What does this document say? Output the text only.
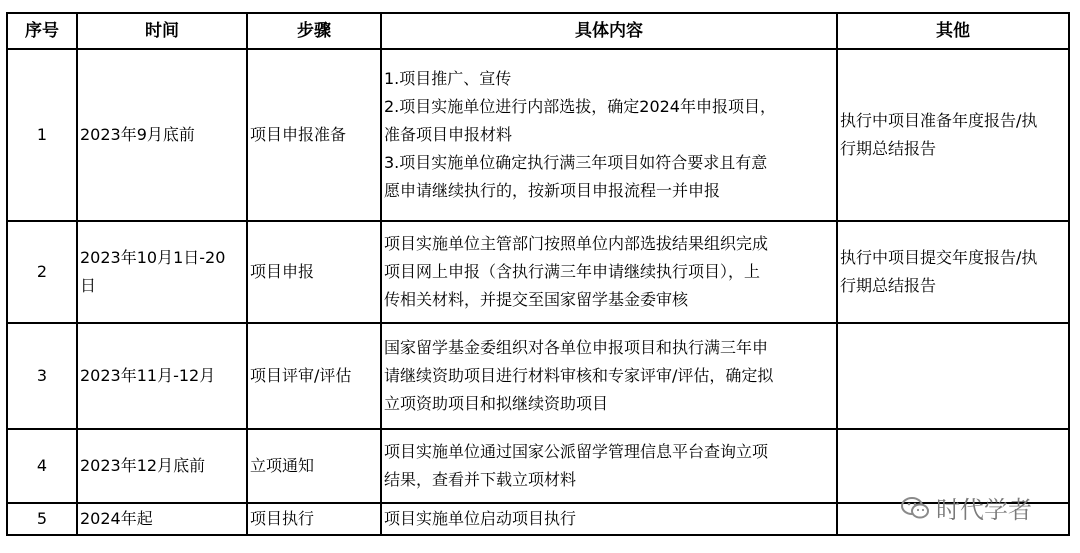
序号	时间	步骤	具体内容	其他
1	2023年9月底前	项目申报准备	1.项目推广、宣传
2.项目实施单位进行内部选拔，确定2024年申报项目，
准备项目申报材料
3.项目实施单位确定执行满三年项目如符合要求且有意
愿申请继续执行的，按新项目申报流程一并申报	执行中项目准备年度报告/执
行期总结报告

2	2023年10月1日-20
日	项目申报	项目实施单位主管部门按照单位内部选拔结果组织完成
项目网上申报（含执行满三年申请继续执行项目），上
传相关材料，并提交至国家留学基金委审核	执行中项目提交年度报告/执
行期总结报告

3	2023年11月-12月	项目评审/评估	国家留学基金委组织对各单位申报项目和执行满三年申
请继续资助项目进行材料审核和专家评审/评估，确定拟
立项资助项目和拟继续资助项目	

4	2023年12月底前	立项通知	项目实施单位通过国家公派留学管理信息平台查询立项
结果，查看并下载立项材料	

5	2024年起	项目执行	项目实施单位启动项目执行	
		时代学者
